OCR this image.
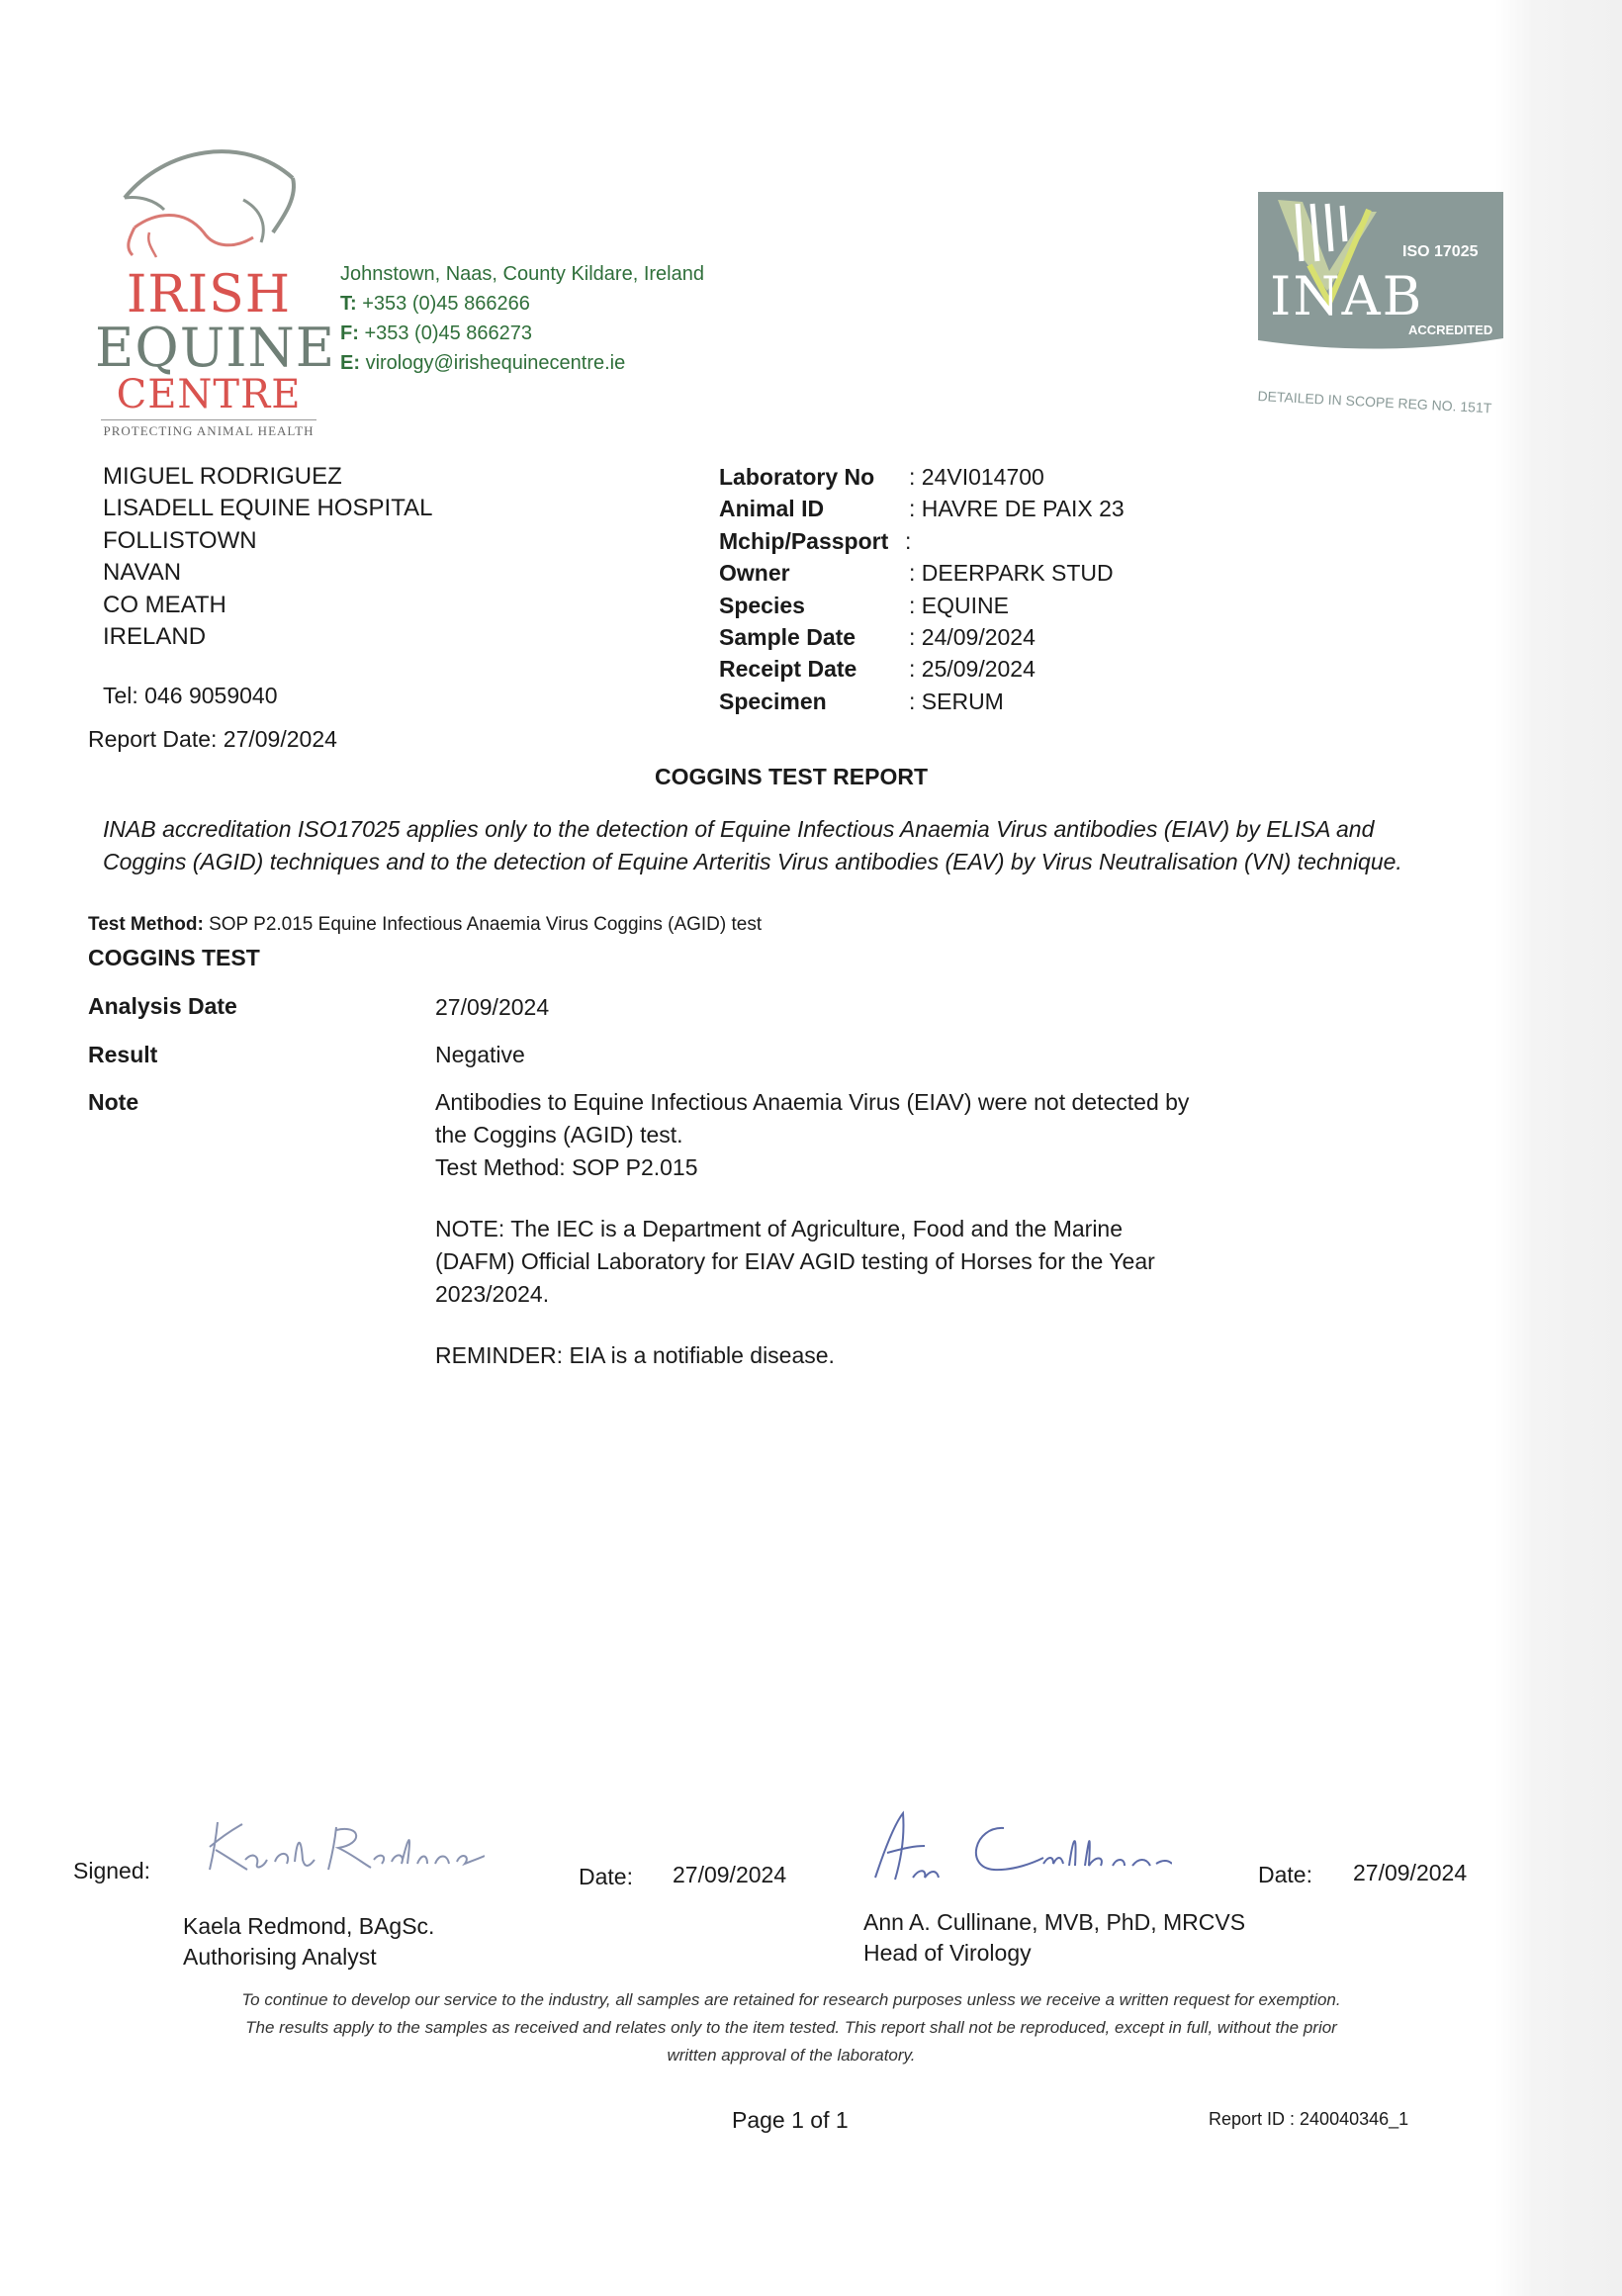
IRISH
EQUINE
CENTRE
PROTECTING ANIMAL HEALTH
Johnstown, Naas, County Kildare, Ireland
T: +353 (0)45 866266
F: +353 (0)45 866273
E: virology@irishequinecentre.ie
ISO 17025
INAB
ACCREDITED
TESTING
DETAILED IN SCOPE REG NO. 151T
MIGUEL RODRIGUEZ
LISADELL EQUINE HOSPITAL
FOLLISTOWN
NAVAN
CO MEATH
IRELAND
Tel: 046 9059040
Report Date: 27/09/2024
Laboratory No	: 24VI014700
Animal ID	: HAVRE DE PAIX 23
Mchip/Passport :
Owner	: DEERPARK STUD
Species	: EQUINE
Sample Date	: 24/09/2024
Receipt Date	: 25/09/2024
Specimen	: SERUM
COGGINS TEST REPORT
INAB accreditation ISO17025 applies only to the detection of Equine Infectious Anaemia Virus antibodies (EIAV) by ELISA and Coggins (AGID) techniques and to the detection of Equine Arteritis Virus antibodies (EAV) by Virus Neutralisation (VN) technique.
Test Method: SOP P2.015 Equine Infectious Anaemia Virus Coggins (AGID) test
COGGINS TEST
Analysis Date	27/09/2024
Result	Negative
Note	Antibodies to Equine Infectious Anaemia Virus (EIAV) were not detected by
the Coggins (AGID) test.
Test Method: SOP P2.015
NOTE: The IEC is a Department of Agriculture, Food and the Marine
(DAFM) Official Laboratory for EIAV AGID testing of Horses for the Year
2023/2024.
REMINDER: EIA is a notifiable disease.
Signed:	Date: 27/09/2024	Date: 27/09/2024
Kaela Redmond, BAgSc.
Authorising Analyst
Ann A. Cullinane, MVB, PhD, MRCVS
Head of Virology
To continue to develop our service to the industry, all samples are retained for research purposes unless we receive a written request for exemption.
The results apply to the samples as received and relates only to the item tested. This report shall not be reproduced, except in full, without the prior
written approval of the laboratory.
Page 1 of 1	Report ID : 240040346_1
